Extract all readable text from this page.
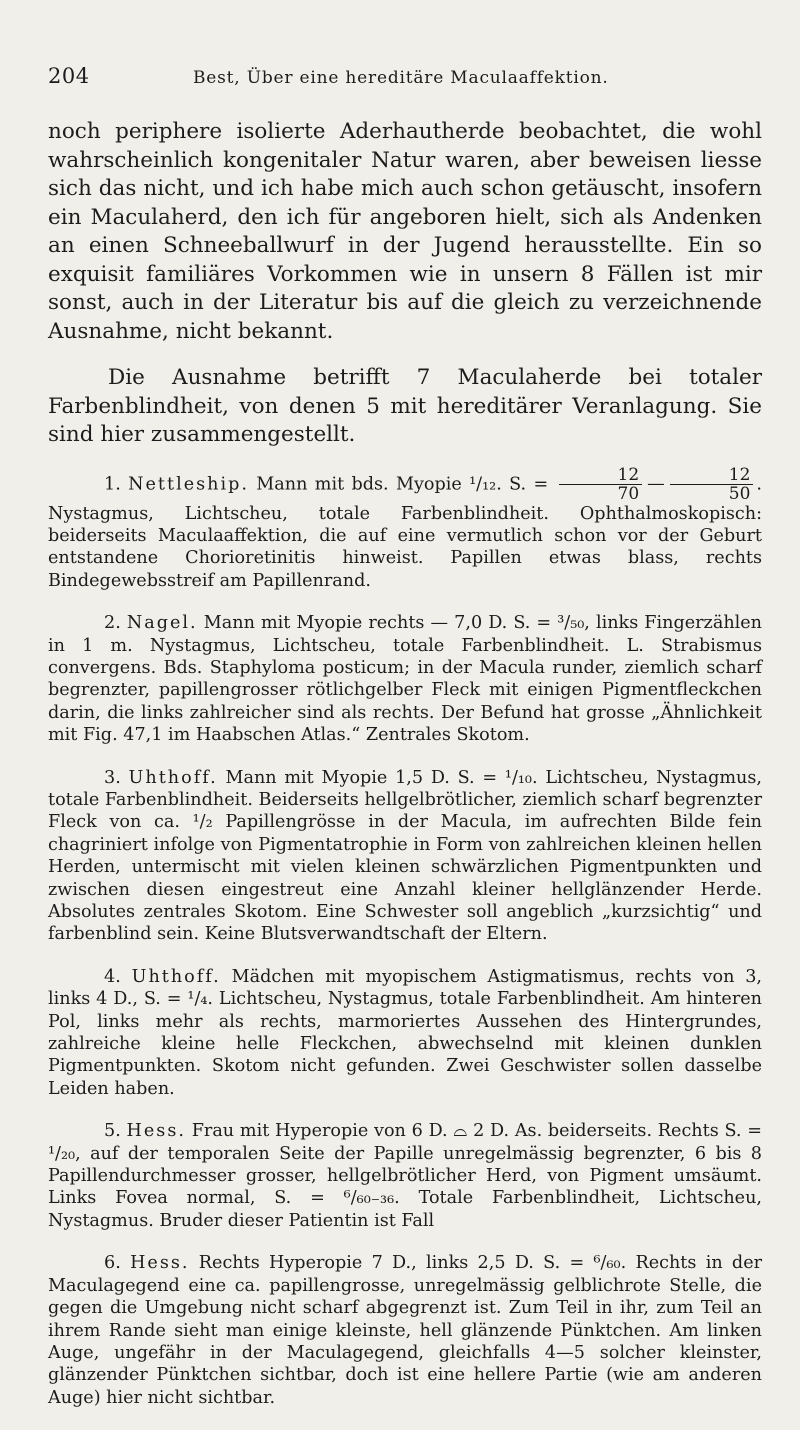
204	Best, Über eine hereditäre Maculaaffektion.

noch periphere isolierte Aderhautherde beobachtet, die wohl wahrscheinlich kongenitaler Natur waren, aber beweisen liesse sich das nicht, und ich habe mich auch schon getäuscht, insofern ein Maculaherd, den ich für angeboren hielt, sich als Andenken an einen Schneeballwurf in der Jugend herausstellte. Ein so exquisit familiäres Vorkommen wie in unsern 8 Fällen ist mir sonst, auch in der Literatur bis auf die gleich zu verzeichnende Ausnahme, nicht bekannt.

Die Ausnahme betrifft 7 Maculaherde bei totaler Farbenblindheit, von denen 5 mit hereditärer Veranlagung. Sie sind hier zusammengestellt.

1. Nettleship. Mann mit bds. Myopie ¹/₁₂. S. = $\frac{12}{70}$ — $\frac{12}{50}$ . Nystagmus, Lichtscheu, totale Farbenblindheit. Ophthalmoskopisch: beiderseits Maculaaffektion, die auf eine vermutlich schon vor der Geburt entstandene Chorioretinitis hinweist. Papillen etwas blass, rechts Bindegewebsstreif am Papillenrand.

2. Nagel. Mann mit Myopie rechts — 7,0 D. S. = ³/₅₀, links Fingerzählen in 1 m. Nystagmus, Lichtscheu, totale Farbenblindheit. L. Strabismus convergens. Bds. Staphyloma posticum; in der Macula runder, ziemlich scharf begrenzter, papillengrosser rötlichgelber Fleck mit einigen Pigmentfleckchen darin, die links zahlreicher sind als rechts. Der Befund hat grosse „Ähnlichkeit mit Fig. 47,1 im Haabschen Atlas.“ Zentrales Skotom.

3. Uhthoff. Mann mit Myopie 1,5 D. S. = ¹/₁₀. Lichtscheu, Nystagmus, totale Farbenblindheit. Beiderseits hellgelbrötlicher, ziemlich scharf begrenzter Fleck von ca. ¹/₂ Papillengrösse in der Macula, im aufrechten Bilde fein chagriniert infolge von Pigmentatrophie in Form von zahlreichen kleinen hellen Herden, untermischt mit vielen kleinen schwärzlichen Pigmentpunkten und zwischen diesen eingestreut eine Anzahl kleiner hellglänzender Herde. Absolutes zentrales Skotom. Eine Schwester soll angeblich „kurzsichtig“ und farbenblind sein. Keine Blutsverwandtschaft der Eltern.

4. Uhthoff. Mädchen mit myopischem Astigmatismus, rechts von 3, links 4 D., S. = ¹/₄. Lichtscheu, Nystagmus, totale Farbenblindheit. Am hinteren Pol, links mehr als rechts, marmoriertes Aussehen des Hintergrundes, zahlreiche kleine helle Fleckchen, abwechselnd mit kleinen dunklen Pigmentpunkten. Skotom nicht gefunden. Zwei Geschwister sollen dasselbe Leiden haben.

5. Hess. Frau mit Hyperopie von 6 D. ⌓ 2 D. As. beiderseits. Rechts S. = ¹/₂₀, auf der temporalen Seite der Papille unregelmässig begrenzter, 6 bis 8 Papillendurchmesser grosser, hellgelbrötlicher Herd, von Pigment umsäumt. Links Fovea normal, S. = ⁶/₆₀₋₃₆. Totale Farbenblindheit, Lichtscheu, Nystagmus. Bruder dieser Patientin ist Fall

6. Hess. Rechts Hyperopie 7 D., links 2,5 D. S. = ⁶/₆₀. Rechts in der Maculagegend eine ca. papillengrosse, unregelmässig gelblichrote Stelle, die gegen die Umgebung nicht scharf abgegrenzt ist. Zum Teil in ihr, zum Teil an ihrem Rande sieht man einige kleinste, hell glänzende Pünktchen. Am linken Auge, ungefähr in der Maculagegend, gleichfalls 4—5 solcher kleinster, glänzender Pünktchen sichtbar, doch ist eine hellere Partie (wie am anderen Auge) hier nicht sichtbar.
